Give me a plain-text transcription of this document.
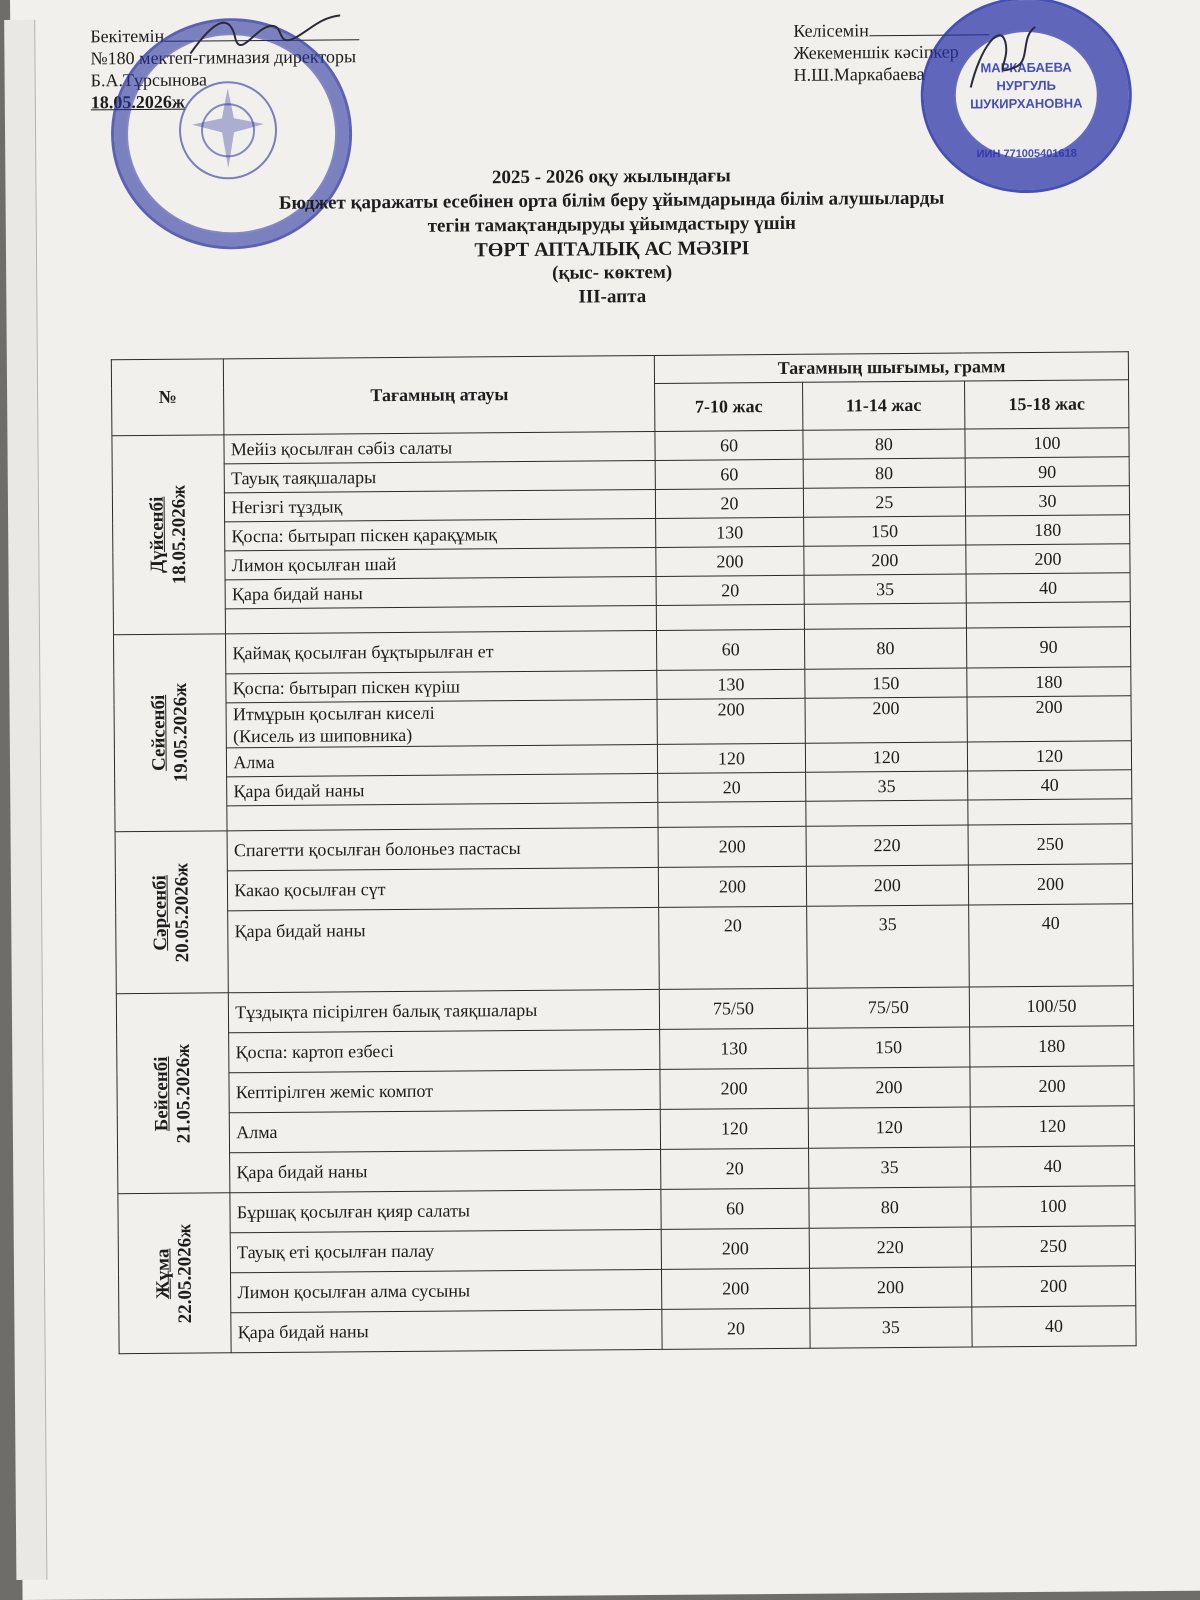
Бекітемін
№180 мектеп-гимназия директоры
Б.А.Тұрсынова
18.05.2026ж
Келісемін
Жекеменшік кәсіпкер
Н.Ш.Маркабаева	МАРКАБАЕВА
НУРГУЛЬ
ШУКИРХАНОВНА
ИИН 771005401618
2025 - 2026 оқу жылындағы
Бюджет қаражаты есебінен орта білім беру ұйымдарында білім алушыларды
тегін тамақтандыруды ұйымдастыру үшін
ТӨРТ АПТАЛЫҚ АС МӘЗІРІ
(қыс- көктем)
III-апта
№	Тағамның атауы	Тағамның шығымы, грамм		
		7-10 жас	11-14 жас	15-18 жас

Дүйсенбі 18.05.2026ж	Мейіз қосылған сәбіз салаты	60	80	100
	Тауық таяқшалары	60	80	90
	Негізгі тұздық	20	25	30
	Қоспа: бытырап піскен қарақұмық	130	150	180
	Лимон қосылған шай	200	200	200
	Қара бидай наны	20	35	40

Сейсенбі 19.05.2026ж	Қаймақ қосылған бұқтырылған ет	60	80	90
	Қоспа: бытырап піскен күріш	130	150	180

	Итмұрын қосылған киселі
(Кисель из шиповника)	200	200	200
	Алма	120	120	120
	Қара бидай наны	20	35	40

Сәрсенбі 20.05.2026ж	Спагетти қосылған болоньез пастасы	200	220	250
	Какао қосылған сүт	200	200	200
	Қара бидай наны	20	35	40

Бейсенбі 21.05.2026ж	Тұздықта пісірілген балық таяқшалары	75/50	75/50	100/50
	Қоспа: картоп езбесі	130	150	180
	Кептірілген жеміс компот	200	200	200
	Алма	120	120	120
	Қара бидай наны	20	35	40

Жұма 22.05.2026ж	Бұршақ қосылған қияр салаты	60	80	100
	Тауық еті қосылған палау	200	220	250
	Лимон қосылған алма сусыны	200	200	200
	Қара бидай наны	20	35	40
